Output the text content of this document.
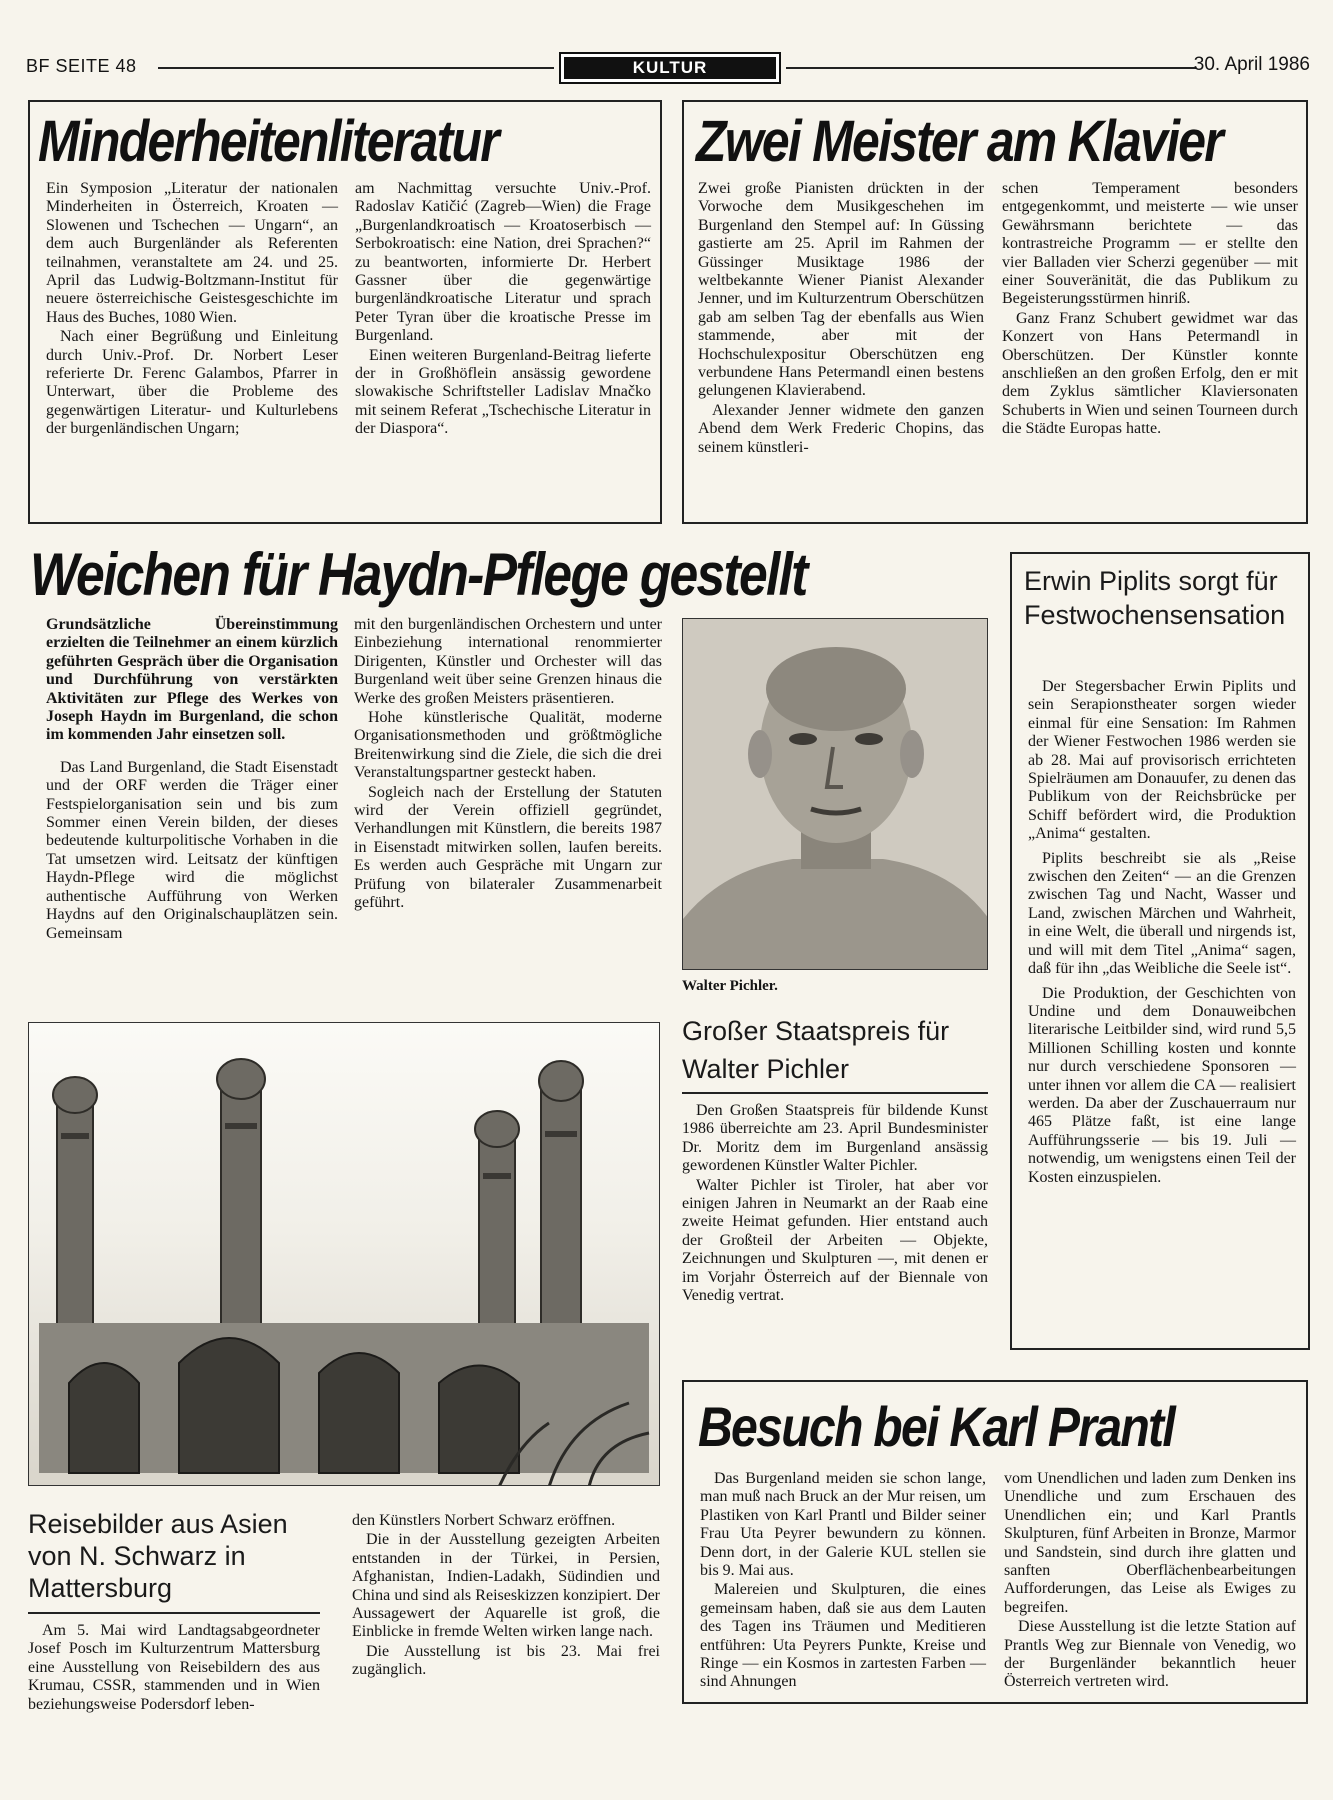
BF SEITE 48	KULTUR	30. April 1986
Minderheitenliteratur

Ein Symposion „Literatur der nationalen Minderheiten in Österreich, Kroaten — Slowenen und Tschechen — Ungarn“, an dem auch Burgenländer als Referenten teilnahmen, veranstaltete am 24. und 25. April das Ludwig-Boltzmann-Institut für neuere österreichische Geistesgeschichte im Haus des Buches, 1080 Wien.

Nach einer Begrüßung und Einleitung durch Univ.-Prof. Dr. Norbert Leser referierte Dr. Ferenc Galambos, Pfarrer in Unterwart, über die Probleme des gegenwärtigen Literatur- und Kulturlebens der burgenländischen Ungarn;

am Nachmittag versuchte Univ.-Prof. Radoslav Katičić (Zagreb—Wien) die Frage „Burgenlandkroatisch — Kroatoserbisch — Serbokroatisch: eine Nation, drei Sprachen?“ zu beantworten, informierte Dr. Herbert Gassner über die gegenwärtige burgenländkroatische Literatur und sprach Peter Tyran über die kroatische Presse im Burgenland.

Einen weiteren Burgenland-Beitrag lieferte der in Großhöflein ansässig gewordene slowakische Schriftsteller Ladislav Mnačko mit seinem Referat „Tschechische Literatur in der Diaspora“.

Zwei Meister am Klavier

Zwei große Pianisten drückten in der Vorwoche dem Musikgeschehen im Burgenland den Stempel auf: In Güssing gastierte am 25. April im Rahmen der Güssinger Musiktage 1986 der weltbekannte Wiener Pianist Alexander Jenner, und im Kulturzentrum Oberschützen gab am selben Tag der ebenfalls aus Wien stammende, aber mit der Hochschulexpositur Oberschützen eng verbundene Hans Petermandl einen bestens gelungenen Klavierabend.

Alexander Jenner widmete den ganzen Abend dem Werk Frederic Chopins, das seinem künstleri-

schen Temperament besonders entgegenkommt, und meisterte — wie unser Gewährsmann berichtete — das kontrastreiche Programm — er stellte den vier Balladen vier Scherzi gegenüber — mit einer Souveränität, die das Publikum zu Begeisterungsstürmen hinriß.

Ganz Franz Schubert gewidmet war das Konzert von Hans Petermandl in Oberschützen. Der Künstler konnte anschließen an den großen Erfolg, den er mit dem Zyklus sämtlicher Klaviersonaten Schuberts in Wien und seinen Tourneen durch die Städte Europas hatte.

Weichen für Haydn-Pflege gestellt

Grundsätzliche Übereinstimmung erzielten die Teilnehmer an einem kürzlich geführten Gespräch über die Organisation und Durchführung von verstärkten Aktivitäten zur Pflege des Werkes von Joseph Haydn im Burgenland, die schon im kommenden Jahr einsetzen soll.

Das Land Burgenland, die Stadt Eisenstadt und der ORF werden die Träger einer Festspielorganisation sein und bis zum Sommer einen Verein bilden, der dieses bedeutende kulturpolitische Vorhaben in die Tat umsetzen wird. Leitsatz der künftigen Haydn-Pflege wird die möglichst authentische Aufführung von Werken Haydns auf den Originalschauplätzen sein. Gemeinsam

mit den burgenländischen Orchestern und unter Einbeziehung international renommierter Dirigenten, Künstler und Orchester will das Burgenland weit über seine Grenzen hinaus die Werke des großen Meisters präsentieren.

Hohe künstlerische Qualität, moderne Organisationsmethoden und größtmögliche Breitenwirkung sind die Ziele, die sich die drei Veranstaltungspartner gesteckt haben.

Sogleich nach der Erstellung der Statuten wird der Verein offiziell gegründet, Verhandlungen mit Künstlern, die bereits 1987 in Eisenstadt mitwirken sollen, laufen bereits. Es werden auch Gespräche mit Ungarn zur Prüfung von bilateraler Zusammenarbeit geführt.

Walter Pichler.
Großer Staatspreis für Walter Pichler

Den Großen Staatspreis für bildende Kunst 1986 überreichte am 23. April Bundesminister Dr. Moritz dem im Burgenland ansässig gewordenen Künstler Walter Pichler.

Walter Pichler ist Tiroler, hat aber vor einigen Jahren in Neumarkt an der Raab eine zweite Heimat gefunden. Hier entstand auch der Großteil der Arbeiten — Objekte, Zeichnungen und Skulpturen —, mit denen er im Vorjahr Österreich auf der Biennale von Venedig vertrat.

Erwin Piplits sorgt für Festwochensensation

Der Stegersbacher Erwin Piplits und sein Serapionstheater sorgen wieder einmal für eine Sensation: Im Rahmen der Wiener Festwochen 1986 werden sie ab 28. Mai auf provisorisch errichteten Spielräumen am Donauufer, zu denen das Publikum von der Reichsbrücke per Schiff befördert wird, die Produktion „Anima“ gestalten.

Piplits beschreibt sie als „Reise zwischen den Zeiten“ — an die Grenzen zwischen Tag und Nacht, Wasser und Land, zwischen Märchen und Wahrheit, in eine Welt, die überall und nirgends ist, und will mit dem Titel „Anima“ sagen, daß für ihn „das Weibliche die Seele ist“.

Die Produktion, der Geschichten von Undine und dem Donauweibchen literarische Leitbilder sind, wird rund 5,5 Millionen Schilling kosten und konnte nur durch verschiedene Sponsoren — unter ihnen vor allem die CA — realisiert werden. Da aber der Zuschauerraum nur 465 Plätze faßt, ist eine lange Aufführungsserie — bis 19. Juli — notwendig, um wenigstens einen Teil der Kosten einzuspielen.

Reisebilder aus Asien von N. Schwarz in Mattersburg

Am 5. Mai wird Landtagsabgeordneter Josef Posch im Kulturzentrum Mattersburg eine Ausstellung von Reisebildern des aus Krumau, CSSR, stammenden und in Wien beziehungsweise Podersdorf leben-

den Künstlers Norbert Schwarz eröffnen.

Die in der Ausstellung gezeigten Arbeiten entstanden in der Türkei, in Persien, Afghanistan, Indien-Ladakh, Südindien und China und sind als Reiseskizzen konzipiert. Der Aussagewert der Aquarelle ist groß, die Einblicke in fremde Welten wirken lange nach.

Die Ausstellung ist bis 23. Mai frei zugänglich.

Besuch bei Karl Prantl

Das Burgenland meiden sie schon lange, man muß nach Bruck an der Mur reisen, um Plastiken von Karl Prantl und Bilder seiner Frau Uta Peyrer bewundern zu können. Denn dort, in der Galerie KUL stellen sie bis 9. Mai aus.

Malereien und Skulpturen, die eines gemeinsam haben, daß sie aus dem Lauten des Tagen ins Träumen und Meditieren entführen: Uta Peyrers Punkte, Kreise und Ringe — ein Kosmos in zartesten Farben — sind Ahnungen

vom Unendlichen und laden zum Denken ins Unendliche und zum Erschauen des Unendlichen ein; und Karl Prantls Skulpturen, fünf Arbeiten in Bronze, Marmor und Sandstein, sind durch ihre glatten und sanften Oberflächenbearbeitungen Aufforderungen, das Leise als Ewiges zu begreifen.

Diese Ausstellung ist die letzte Station auf Prantls Weg zur Biennale von Venedig, wo der Burgenländer bekanntlich heuer Österreich vertreten wird.
